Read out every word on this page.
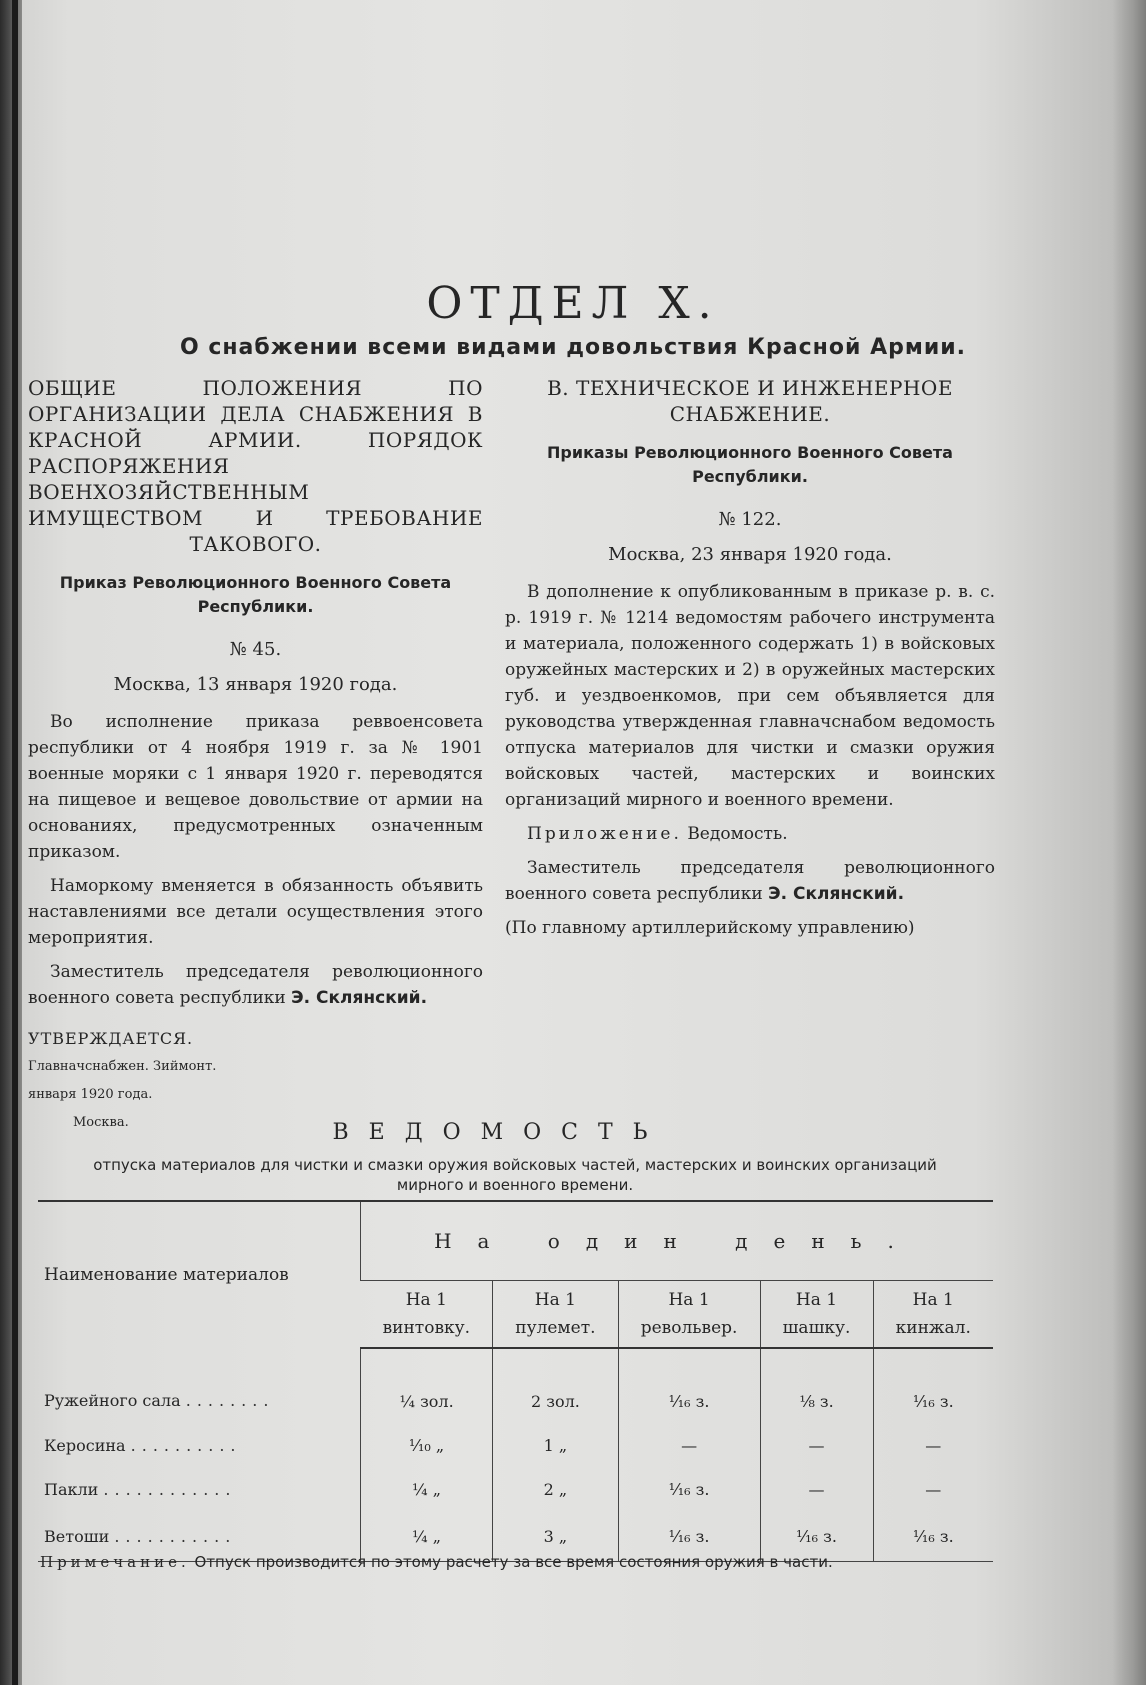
ОТДЕЛ Х.
О снабжении всеми видами довольствия Красной Армии.
ОБЩИЕ ПОЛОЖЕНИЯ ПО ОРГАНИЗАЦИИ ДЕЛА СНАБЖЕНИЯ В КРАСНОЙ АРМИИ. ПОРЯДОК РАСПОРЯЖЕНИЯ ВОЕНХОЗЯЙСТВЕННЫМ ИМУЩЕСТВОМ И ТРЕБОВАНИЕ ТАКОВОГО.
Приказ Революционного Военного Совета Республики.
№ 45.
Москва, 13 января 1920 года.

Во исполнение приказа реввоенсовета республики от 4 ноября 1919 г. за № 1901 военные моряки с 1 января 1920 г. переводятся на пищевое и вещевое довольствие от армии на основаниях, предусмотренных означенным приказом.

Наморкому вменяется в обязанность объявить наставлениями все детали осуществления этого мероприятия.

Заместитель председателя революционного военного совета республики Э. Склянский.

УТВЕРЖДАЕТСЯ.
Главначснабжен. Зиймонт.
января 1920 года.
Москва.
В. ТЕХНИЧЕСКОЕ И ИНЖЕНЕРНОЕ СНАБЖЕНИЕ.
Приказы Революционного Военного Совета Республики.
№ 122.
Москва, 23 января 1920 года.

В дополнение к опубликованным в приказе р. в. с. р. 1919 г. № 1214 ведомостям рабочего инструмента и материала, положенного содержать 1) в войсковых оружейных мастерских и 2) в оружейных мастерских губ. и уездвоенкомов, при сем объявляется для руководства утвержденная главначснабом ведомость отпуска материалов для чистки и смазки оружия войсковых частей, мастерских и воинских организаций мирного и военного времени.

Приложение. Ведомость.

Заместитель председателя революционного военного совета республики Э. Склянский.

(По главному артиллерийскому управлению)

ВЕДОМОСТЬ
отпуска материалов для чистки и смазки оружия войсковых частей, мастерских и воинских организаций
мирного и военного времени.
Наименование материалов	На один день.				
	На 1 винтовку.	На 1 пулемет.	На 1 револьвер.	На 1 шашку.	На 1 кинжал.
Ружейного сала ........	¼ зол.	2 зол.	¹⁄₁₆ з.	⅛ з.	¹⁄₁₆ з.
Керосина ..........	¹⁄₁₀ „	1 „	—	—	—
Пакли ............	¼ „	2 „	¹⁄₁₆ з.	—	—
Ветоши ...........	¼ „	3 „	¹⁄₁₆ з.	¹⁄₁₆ з.	¹⁄₁₆ з.
Примечание. Отпуск производится по этому расчету за все время состояния оружия в части.
